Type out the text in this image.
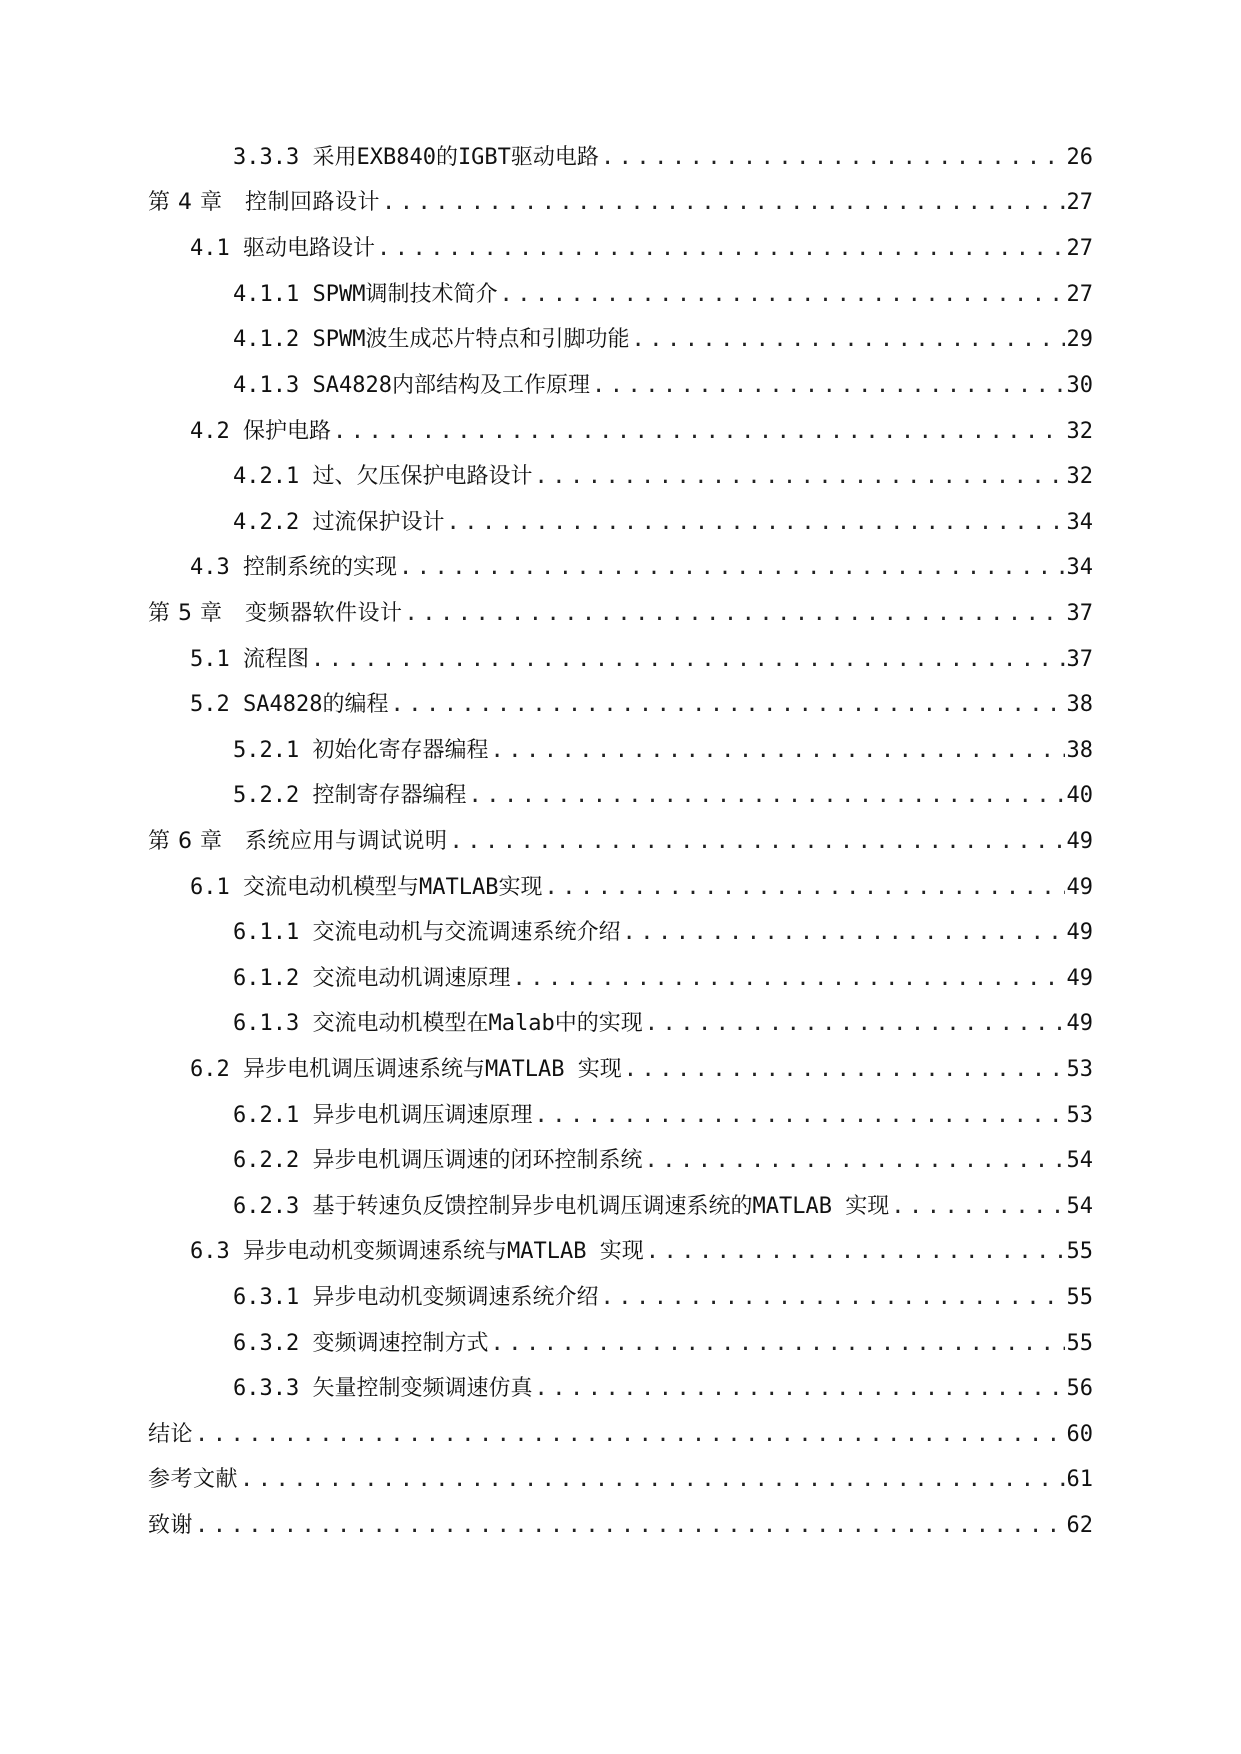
3.3.3 采用EXB840的IGBT驱动电路 .....	26
第 4 章　控制回路设计 .....	27
4.1 驱动电路设计 .....	27
4.1.1 SPWM调制技术简介 .....	27
4.1.2 SPWM波生成芯片特点和引脚功能 .....	29
4.1.3 SA4828内部结构及工作原理 .....	30
4.2 保护电路 .....	32
4.2.1 过、欠压保护电路设计 .....	32
4.2.2 过流保护设计 .....	34
4.3 控制系统的实现 .....	34
第 5 章　变频器软件设计 .....	37
5.1 流程图 .....	37
5.2 SA4828的编程 .....	38
5.2.1 初始化寄存器编程 .....	38
5.2.2 控制寄存器编程 .....	40
第 6 章　系统应用与调试说明 .....	49
6.1 交流电动机模型与MATLAB实现 .....	49
6.1.1 交流电动机与交流调速系统介绍 .....	49
6.1.2 交流电动机调速原理 .....	49
6.1.3 交流电动机模型在Malab中的实现 .....	49
6.2 异步电机调压调速系统与MATLAB 实现 .....	53
6.2.1 异步电机调压调速原理 .....	53
6.2.2 异步电机调压调速的闭环控制系统 .....	54
6.2.3 基于转速负反馈控制异步电机调压调速系统的MATLAB 实现 .....	54
6.3 异步电动机变频调速系统与MATLAB 实现 .....	55
6.3.1 异步电动机变频调速系统介绍 .....	55
6.3.2 变频调速控制方式 .....	55
6.3.3 矢量控制变频调速仿真 .....	56
结论 .....	60
参考文献 .....	61
致谢 .....	62
